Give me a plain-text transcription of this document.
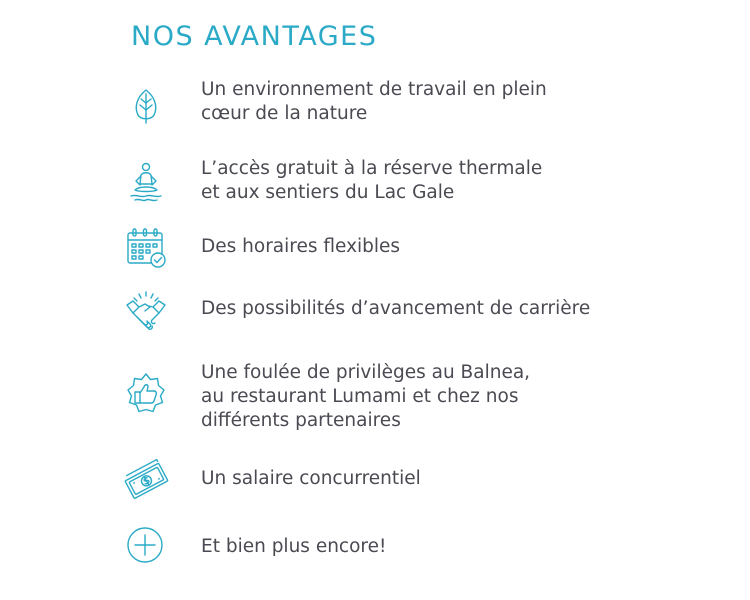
NOS AVANTAGES
Un environnement de travail en plein
cœur de la nature
L’accès gratuit à la réserve thermale
et aux sentiers du Lac Gale
Des horaires flexibles
Des possibilités d’avancement de carrière
Une foulée de privilèges au Balnea,
au restaurant Lumami et chez nos
différents partenaires
Un salaire concurrentiel
Et bien plus encore!
